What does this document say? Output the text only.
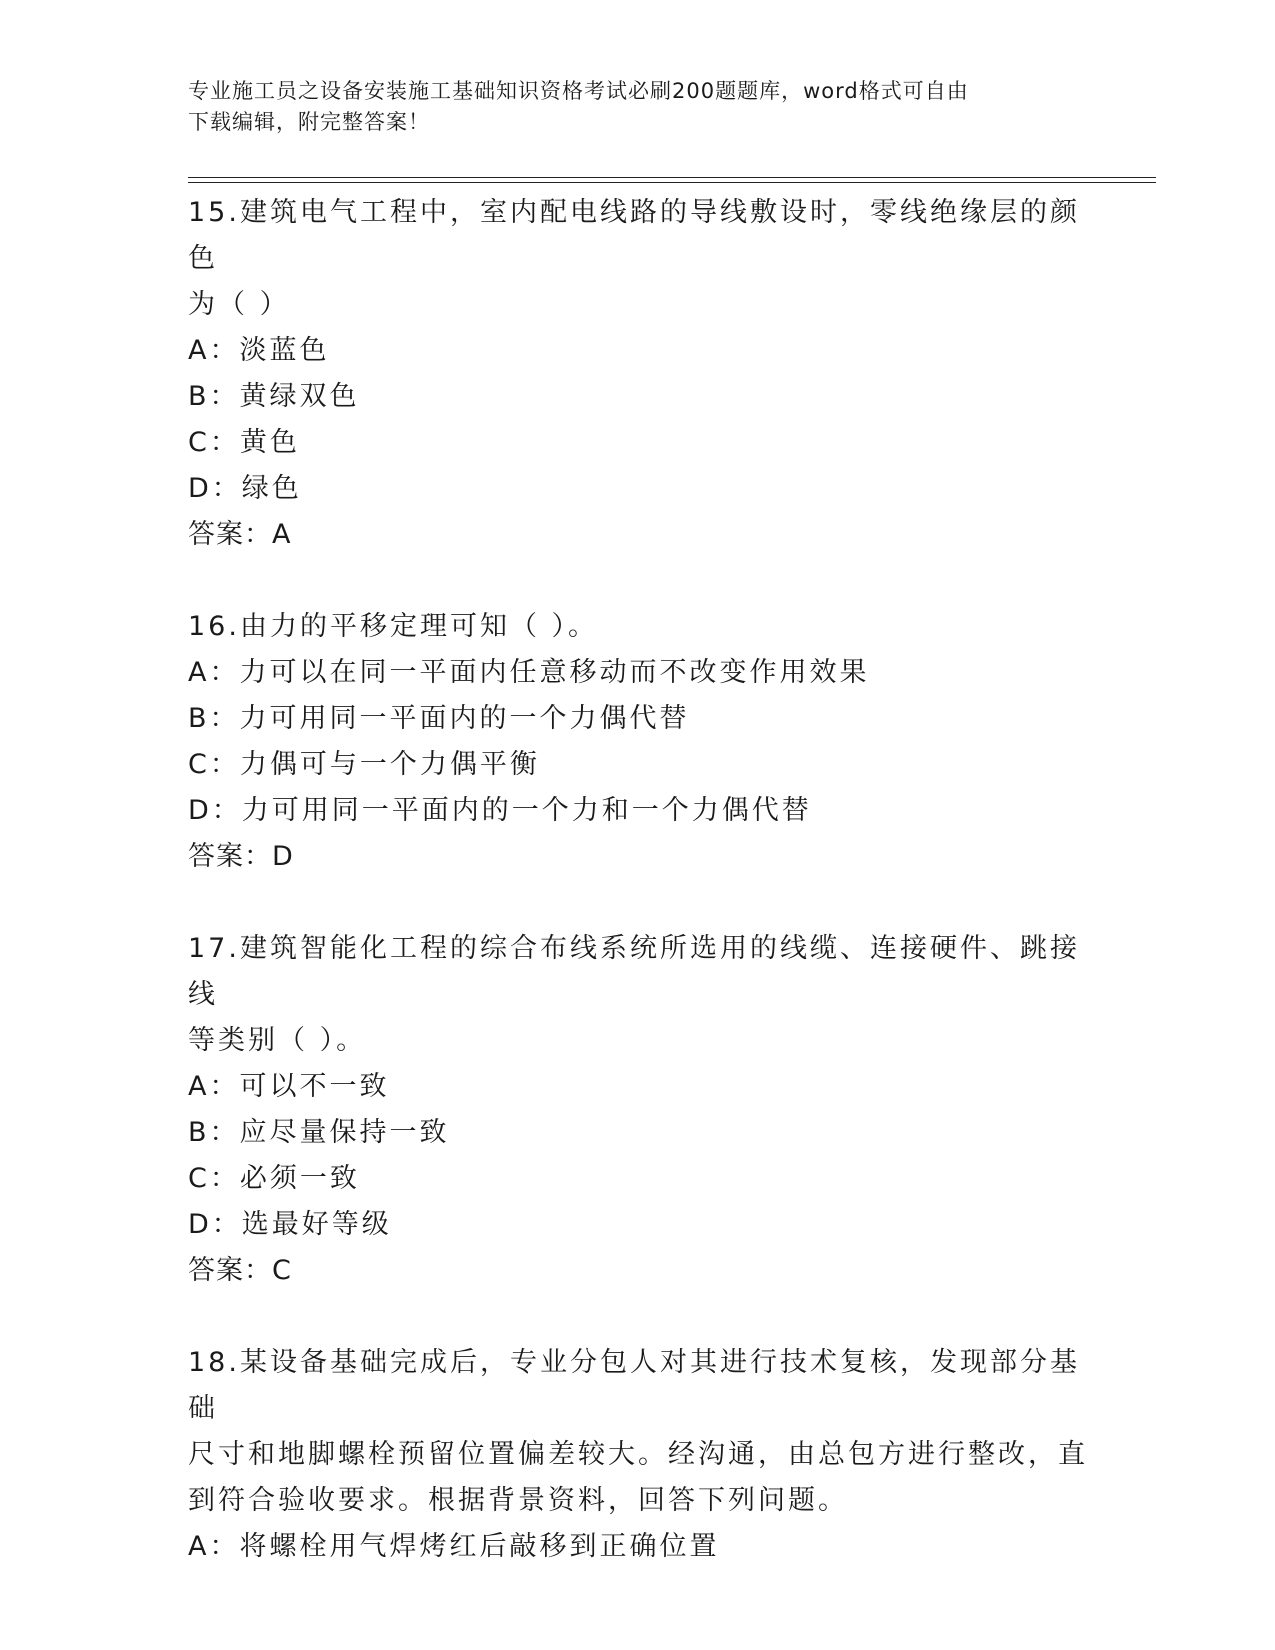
专业施工员之设备安装施工基础知识资格考试必刷200题题库，word格式可自由
下载编辑，附完整答案！
15.建筑电气工程中，室内配电线路的导线敷设时，零线绝缘层的颜色
为（ ）
A：淡蓝色
B：黄绿双色
C：黄色
D：绿色
答案：A
16.由力的平移定理可知（ ）。
A：力可以在同一平面内任意移动而不改变作用效果
B：力可用同一平面内的一个力偶代替
C：力偶可与一个力偶平衡
D：力可用同一平面内的一个力和一个力偶代替
答案：D
17.建筑智能化工程的综合布线系统所选用的线缆、连接硬件、跳接线
等类别（ ）。
A：可以不一致
B：应尽量保持一致
C：必须一致
D：选最好等级
答案：C
18.某设备基础完成后，专业分包人对其进行技术复核，发现部分基础
尺寸和地脚螺栓预留位置偏差较大。经沟通，由总包方进行整改，直
到符合验收要求。根据背景资料，回答下列问题。
A：将螺栓用气焊烤红后敲移到正确位置
